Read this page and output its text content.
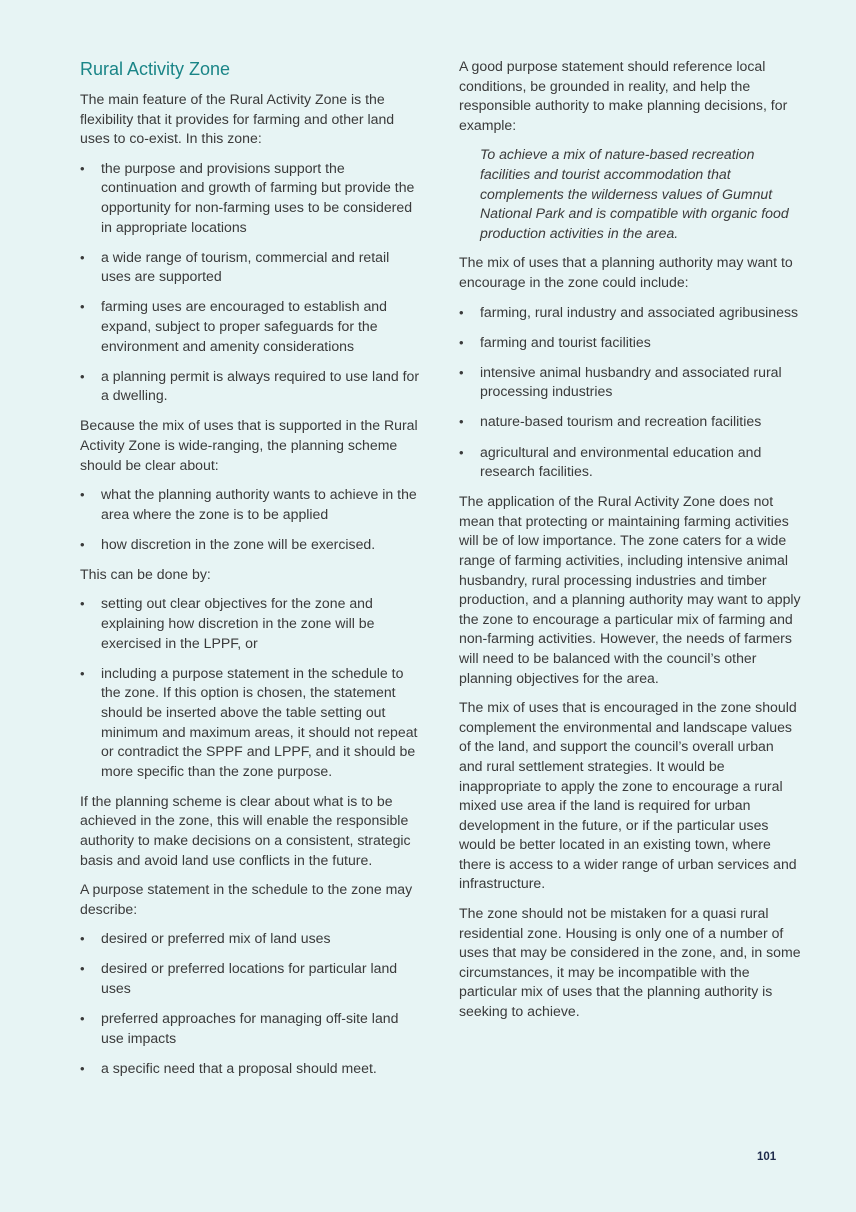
Rural Activity Zone

The main feature of the Rural Activity Zone is the flexibility that it provides for farming and other land uses to co-exist. In this zone:

• the purpose and provisions support the continuation and growth of farming but provide the opportunity for non-farming uses to be considered in appropriate locations
• a wide range of tourism, commercial and retail uses are supported
• farming uses are encouraged to establish and expand, subject to proper safeguards for the environment and amenity considerations
• a planning permit is always required to use land for a dwelling.

Because the mix of uses that is supported in the Rural Activity Zone is wide-ranging, the planning scheme should be clear about:

• what the planning authority wants to achieve in the area where the zone is to be applied
• how discretion in the zone will be exercised.

This can be done by:

• setting out clear objectives for the zone and explaining how discretion in the zone will be exercised in the LPPF, or
• including a purpose statement in the schedule to the zone. If this option is chosen, the statement should be inserted above the table setting out minimum and maximum areas, it should not repeat or contradict the SPPF and LPPF, and it should be more specific than the zone purpose.

If the planning scheme is clear about what is to be achieved in the zone, this will enable the responsible authority to make decisions on a consistent, strategic basis and avoid land use conflicts in the future.

A purpose statement in the schedule to the zone may describe:

• desired or preferred mix of land uses
• desired or preferred locations for particular land uses
• preferred approaches for managing off-site land use impacts
• a specific need that a proposal should meet.

A good purpose statement should reference local conditions, be grounded in reality, and help the responsible authority to make planning decisions, for example:

To achieve a mix of nature-based recreation facilities and tourist accommodation that complements the wilderness values of Gumnut National Park and is compatible with organic food production activities in the area.

The mix of uses that a planning authority may want to encourage in the zone could include:

• farming, rural industry and associated agribusiness
• farming and tourist facilities
• intensive animal husbandry and associated rural processing industries
• nature-based tourism and recreation facilities
• agricultural and environmental education and research facilities.

The application of the Rural Activity Zone does not mean that protecting or maintaining farming activities will be of low importance. The zone caters for a wide range of farming activities, including intensive animal husbandry, rural processing industries and timber production, and a planning authority may want to apply the zone to encourage a particular mix of farming and non-farming activities. However, the needs of farmers will need to be balanced with the council’s other planning objectives for the area.

The mix of uses that is encouraged in the zone should complement the environmental and landscape values of the land, and support the council’s overall urban and rural settlement strategies. It would be inappropriate to apply the zone to encourage a rural mixed use area if the land is required for urban development in the future, or if the particular uses would be better located in an existing town, where there is access to a wider range of urban services and infrastructure.

The zone should not be mistaken for a quasi rural residential zone. Housing is only one of a number of uses that may be considered in the zone, and, in some circumstances, it may be incompatible with the particular mix of uses that the planning authority is seeking to achieve.

101
